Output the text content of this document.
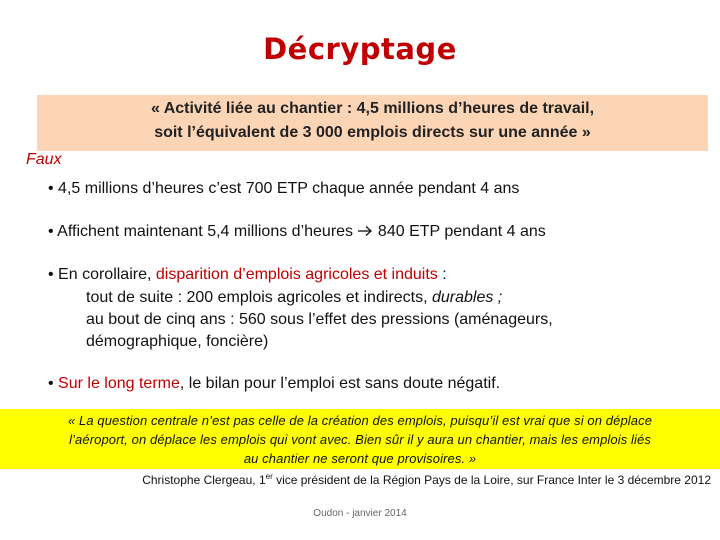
Décryptage
« Activité liée au chantier : 4,5 millions d’heures de travail,
soit l’équivalent de 3 000 emplois directs sur une année »
Faux
• 4,5 millions d’heures c’est 700 ETP chaque année pendant 4 ans
• Affichent maintenant 5,4 millions d’heures  840 ETP pendant 4 ans
• En corollaire, disparition d’emplois agricoles et induits :
tout de suite : 200 emplois agricoles et indirects, durables ;
au bout de cinq ans : 560 sous l’effet des pressions (aménageurs,
démographique, foncière)
• Sur le long terme, le bilan pour l’emploi est sans doute négatif.
« La question centrale n’est pas celle de la création des emplois, puisqu’il est vrai que si on déplace
l’aéroport, on déplace les emplois qui vont avec. Bien sûr il y aura un chantier, mais les emplois liés
au chantier ne seront que provisoires. »
Christophe Clergeau, 1er vice président de la Région Pays de la Loire, sur France Inter le 3 décembre 2012
Oudon - janvier 2014
